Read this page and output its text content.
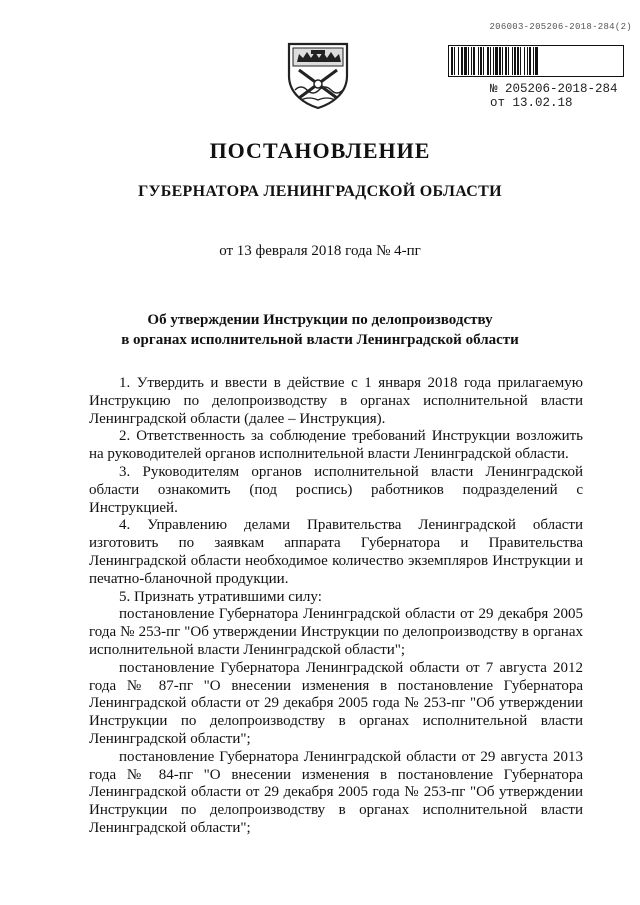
206003-205206-2018-284(2)
№ 205206-2018-284
от 13.02.18
ПОСТАНОВЛЕНИЕ
ГУБЕРНАТОРА ЛЕНИНГРАДСКОЙ ОБЛАСТИ
от 13 февраля 2018 года № 4-пг
Об утверждении Инструкции по делопроизводству
в органах исполнительной власти Ленинградской области

1. Утвердить и ввести в действие с 1 января 2018 года прилагаемую Инструкцию по делопроизводству в органах исполнительной власти Ленинградской области (далее – Инструкция).

2. Ответственность за соблюдение требований Инструкции возложить на руководителей органов исполнительной власти Ленинградской области.

3. Руководителям органов исполнительной власти Ленинградской области ознакомить (под роспись) работников подразделений с Инструкцией.

4. Управлению делами Правительства Ленинградской области изготовить по заявкам аппарата Губернатора и Правительства Ленинградской области необходимое количество экземпляров Инструкции и печатно-бланочной продукции.

5. Признать утратившими силу:

постановление Губернатора Ленинградской области от 29 декабря 2005 года № 253-пг "Об утверждении Инструкции по делопроизводству в органах исполнительной власти Ленинградской области";

постановление Губернатора Ленинградской области от 7 августа 2012 года № 87-пг "О внесении изменения в постановление Губернатора Ленинградской области от 29 декабря 2005 года № 253-пг "Об утверждении Инструкции по делопроизводству в органах исполнительной власти Ленинградской области";

постановление Губернатора Ленинградской области от 29 августа 2013 года № 84-пг "О внесении изменения в постановление Губернатора Ленинградской области от 29 декабря 2005 года № 253-пг "Об утверждении Инструкции по делопроизводству в органах исполнительной власти Ленинградской области";
